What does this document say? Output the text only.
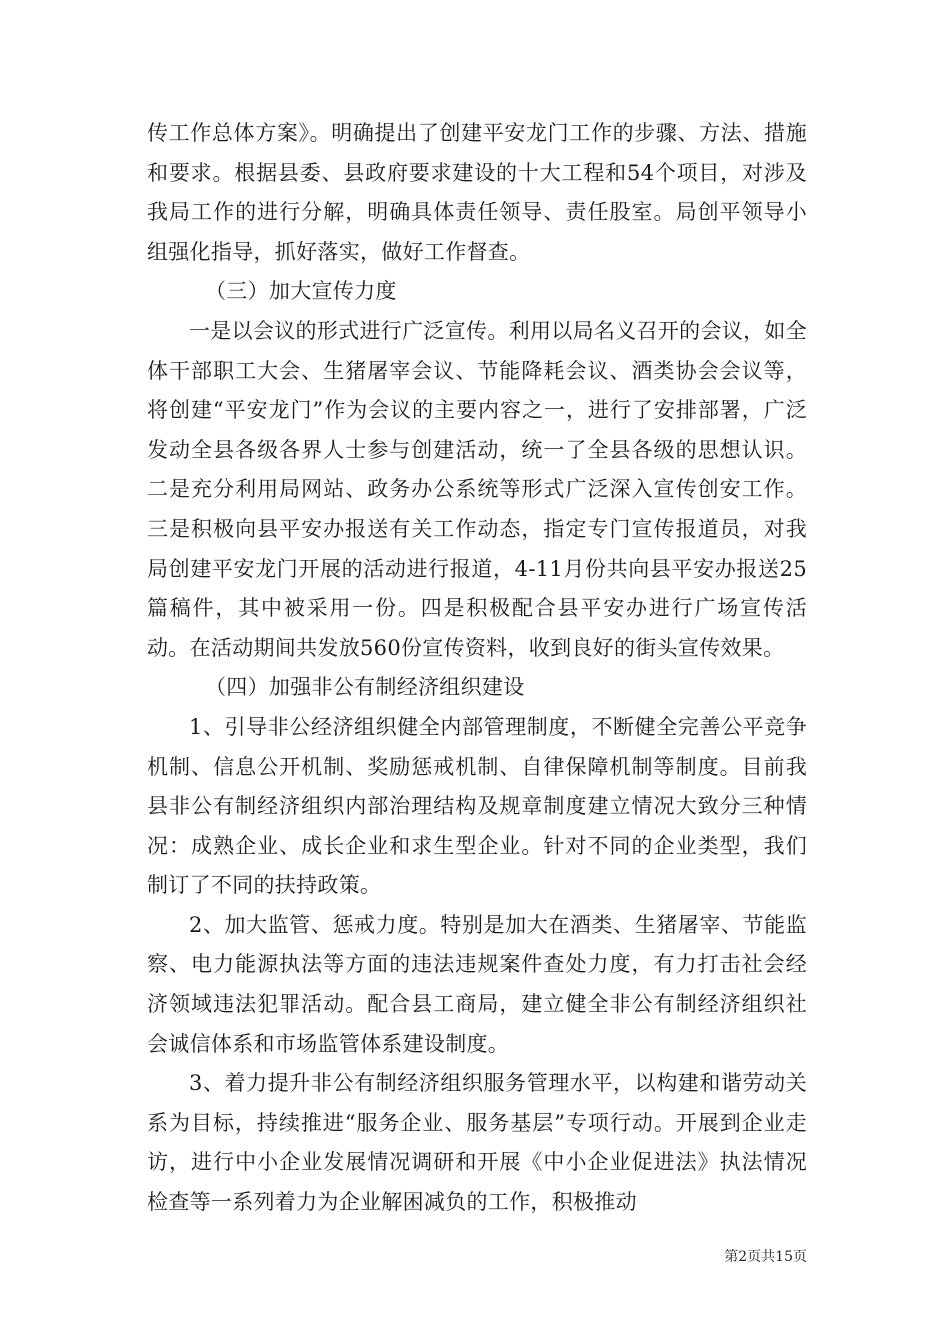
传工作总体方案》。明确提出了创建平安龙门工作的步骤、方法、措施和要求。根据县委、县政府要求建设的十大工程和54个项目，对涉及我局工作的进行分解，明确具体责任领导、责任股室。局创平领导小组强化指导，抓好落实，做好工作督查。

（三）加大宣传力度

一是以会议的形式进行广泛宣传。利用以局名义召开的会议，如全体干部职工大会、生猪屠宰会议、节能降耗会议、酒类协会会议等，将创建“平安龙门”作为会议的主要内容之一，进行了安排部署，广泛发动全县各级各界人士参与创建活动，统一了全县各级的思想认识。二是充分利用局网站、政务办公系统等形式广泛深入宣传创安工作。三是积极向县平安办报送有关工作动态，指定专门宣传报道员，对我局创建平安龙门开展的活动进行报道，4-11月份共向县平安办报送25篇稿件，其中被采用一份。四是积极配合县平安办进行广场宣传活动。在活动期间共发放560份宣传资料，收到良好的街头宣传效果。

（四）加强非公有制经济组织建设

1、引导非公经济组织健全内部管理制度，不断健全完善公平竞争机制、信息公开机制、奖励惩戒机制、自律保障机制等制度。目前我县非公有制经济组织内部治理结构及规章制度建立情况大致分三种情况：成熟企业、成长企业和求生型企业。针对不同的企业类型，我们制订了不同的扶持政策。

2、加大监管、惩戒力度。特别是加大在酒类、生猪屠宰、节能监察、电力能源执法等方面的违法违规案件查处力度，有力打击社会经济领域违法犯罪活动。配合县工商局，建立健全非公有制经济组织社会诚信体系和市场监管体系建设制度。

3、着力提升非公有制经济组织服务管理水平，以构建和谐劳动关系为目标，持续推进“服务企业、服务基层”专项行动。开展到企业走访，进行中小企业发展情况调研和开展《中小企业促进法》执法情况检查等一系列着力为企业解困减负的工作，积极推动

第2页共15页
